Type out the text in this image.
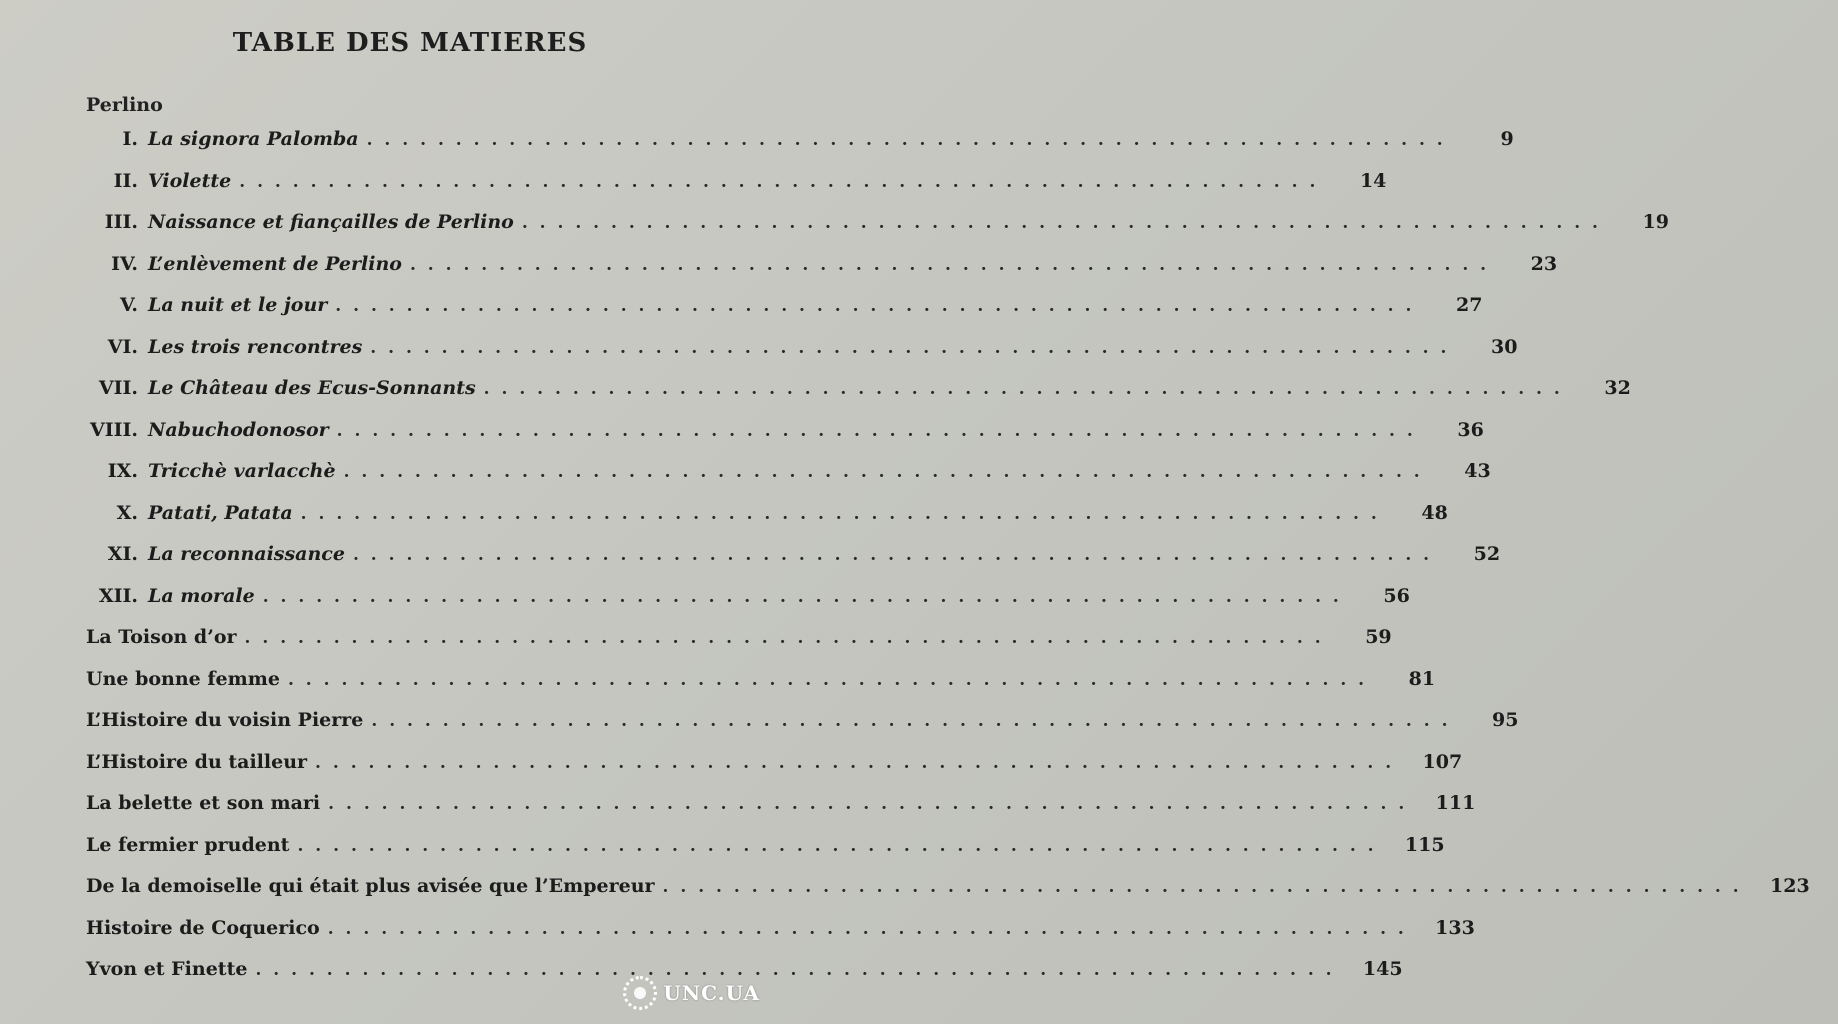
TABLE DES MATIERES
Perlino
I. La signora Palomba . . . . . . . . . . . . . . . . . . . . . . . . . . . . . . . . . . . . . . . . . . . . . . . . . . . . . . . . . . . . .	9
II. Violette . . . . . . . . . . . . . . . . . . . . . . . . . . . . . . . . . . . . . . . . . . . . . . . . . . . . . . . . . . . . .	14
III. Naissance et fiançailles de Perlino . . . . . . . . . . . . . . . . . . . . . . . . . . . . . . . . . . . . . . . . . . . . . . . . . . . . . . . . . . . . .	19
IV. L’enlèvement de Perlino . . . . . . . . . . . . . . . . . . . . . . . . . . . . . . . . . . . . . . . . . . . . . . . . . . . . . . . . . . . . .	23
V. La nuit et le jour . . . . . . . . . . . . . . . . . . . . . . . . . . . . . . . . . . . . . . . . . . . . . . . . . . . . . . . . . . . . .	27
VI. Les trois rencontres . . . . . . . . . . . . . . . . . . . . . . . . . . . . . . . . . . . . . . . . . . . . . . . . . . . . . . . . . . . . .	30
VII. Le Château des Ecus-Sonnants . . . . . . . . . . . . . . . . . . . . . . . . . . . . . . . . . . . . . . . . . . . . . . . . . . . . . . . . . . . . .	32
VIII. Nabuchodonosor . . . . . . . . . . . . . . . . . . . . . . . . . . . . . . . . . . . . . . . . . . . . . . . . . . . . . . . . . . . . .	36
IX. Tricchè varlacchè . . . . . . . . . . . . . . . . . . . . . . . . . . . . . . . . . . . . . . . . . . . . . . . . . . . . . . . . . . . . .	43
X. Patati, Patata . . . . . . . . . . . . . . . . . . . . . . . . . . . . . . . . . . . . . . . . . . . . . . . . . . . . . . . . . . . . .	48
XI. La reconnaissance . . . . . . . . . . . . . . . . . . . . . . . . . . . . . . . . . . . . . . . . . . . . . . . . . . . . . . . . . . . . .	52
XII. La morale . . . . . . . . . . . . . . . . . . . . . . . . . . . . . . . . . . . . . . . . . . . . . . . . . . . . . . . . . . . . .	56
La Toison d’or . . . . . . . . . . . . . . . . . . . . . . . . . . . . . . . . . . . . . . . . . . . . . . . . . . . . . . . . . . . . .	59
Une bonne femme . . . . . . . . . . . . . . . . . . . . . . . . . . . . . . . . . . . . . . . . . . . . . . . . . . . . . . . . . . . . .	81
L’Histoire du voisin Pierre . . . . . . . . . . . . . . . . . . . . . . . . . . . . . . . . . . . . . . . . . . . . . . . . . . . . . . . . . . . . .	95
L’Histoire du tailleur . . . . . . . . . . . . . . . . . . . . . . . . . . . . . . . . . . . . . . . . . . . . . . . . . . . . . . . . . . . . .	107
La belette et son mari . . . . . . . . . . . . . . . . . . . . . . . . . . . . . . . . . . . . . . . . . . . . . . . . . . . . . . . . . . . . .	111
Le fermier prudent . . . . . . . . . . . . . . . . . . . . . . . . . . . . . . . . . . . . . . . . . . . . . . . . . . . . . . . . . . . . .	115
De la demoiselle qui était plus avisée que l’Empereur . . . . . . . . . . . . . . . . . . . . . . . . . . . . . . . . . . . . . . . . . . . . . . . . . . . . . . . . . . . . .	123
Histoire de Coquerico . . . . . . . . . . . . . . . . . . . . . . . . . . . . . . . . . . . . . . . . . . . . . . . . . . . . . . . . . . . . .	133
Yvon et Finette . . . . . . . . . . . . . . . . . . . . . . . . . . . . . . . . . . . . . . . . . . . . . . . . . . . . . . . . . . . . .	145
UNC.UA
